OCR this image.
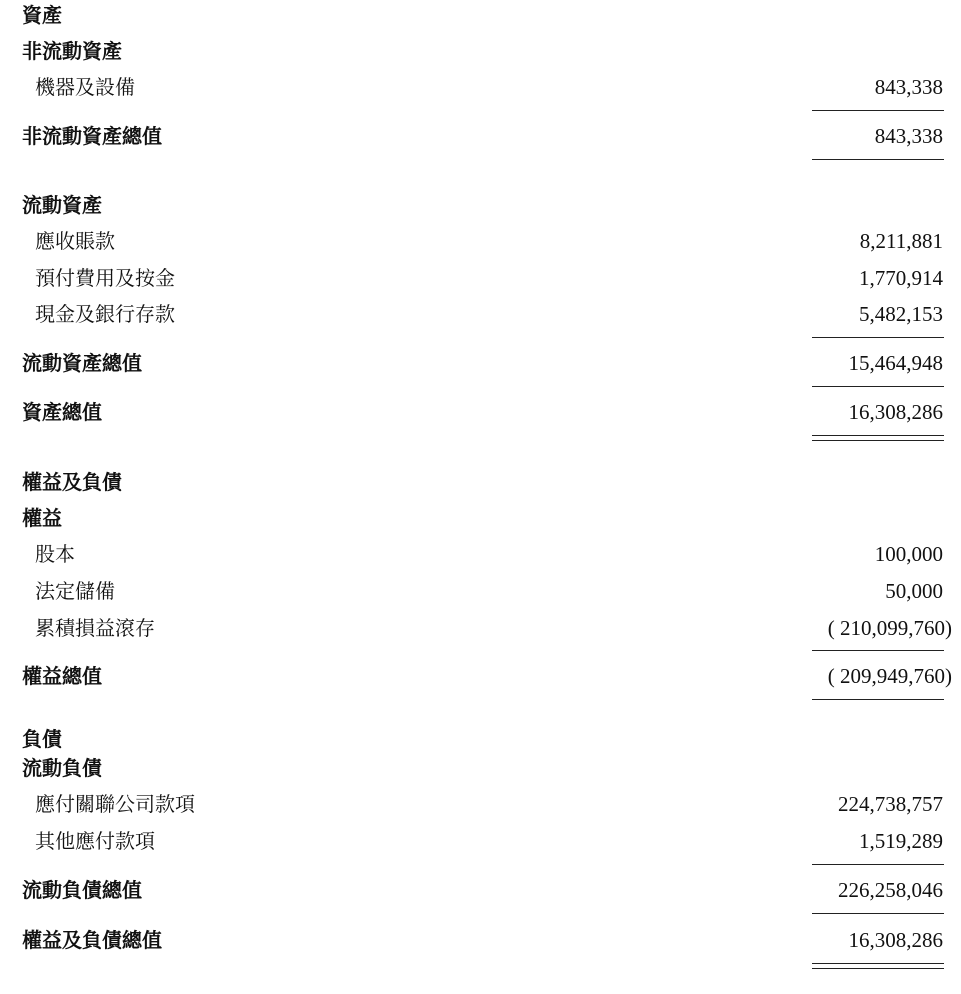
資產
非流動資產
機器及設備	843,338
非流動資產總值	843,338
流動資產
應收賬款	8,211,881
預付費用及按金	1,770,914
現金及銀行存款	5,482,153
流動資產總值	15,464,948
資產總值	16,308,286
權益及負債
權益
股本	100,000
法定儲備	50,000
累積損益滾存	( 210,099,760)
權益總值	( 209,949,760)
負債
流動負債
應付關聯公司款項	224,738,757
其他應付款項	1,519,289
流動負債總值	226,258,046
權益及負債總值	16,308,286
